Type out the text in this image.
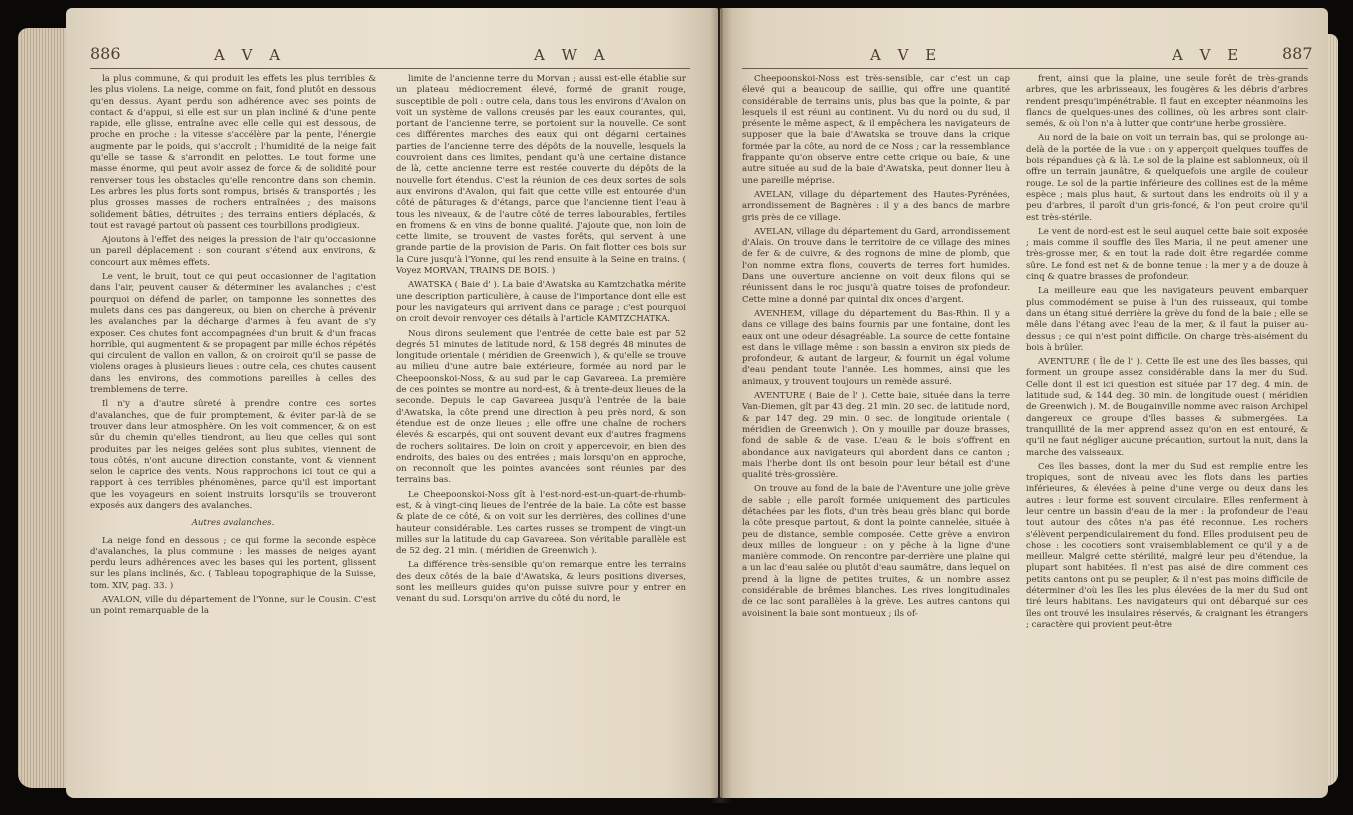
886	A V A	A W A

la plus commune, & qui produit les effets les plus terribles & les plus violens. La neige, comme on fait, fond plutôt en dessous qu'en dessus. Ayant perdu son adhérence avec ses points de contact & d'appui, si elle est sur un plan incliné & d'une pente rapide, elle glisse, entraîne avec elle celle qui est dessous, de proche en proche : la vitesse s'accélère par la pente, l'énergie augmente par le poids, qui s'accroît ; l'humidité de la neige fait qu'elle se tasse & s'arrondit en pelottes. Le tout forme une masse énorme, qui peut avoir assez de force & de solidité pour renverser tous les obstacles qu'elle rencontre dans son chemin. Les arbres les plus forts sont rompus, brisés & transportés ; les plus grosses masses de rochers entraînées ; des maisons solidement bâties, détruites ; des terrains entiers déplacés, & tout est ravagé partout où passent ces tourbillons prodigieux.

Ajoutons à l'effet des neiges la pression de l'air qu'occasionne un pareil déplacement : son courant s'étend aux environs, & concourt aux mêmes effets.

Le vent, le bruit, tout ce qui peut occasionner de l'agitation dans l'air, peuvent causer & déterminer les avalanches ; c'est pourquoi on défend de parler, on tamponne les sonnettes des mulets dans ces pas dangereux, ou bien on cherche à prévenir les avalanches par la décharge d'armes à feu avant de s'y exposer. Ces chutes font accompagnées d'un bruit & d'un fracas horrible, qui augmentent & se propagent par mille échos répétés qui circulent de vallon en vallon, & on croiroit qu'il se passe de violens orages à plusieurs lieues : outre cela, ces chutes causent dans les environs, des commotions pareilles à celles des tremblemens de terre.

Il n'y a d'autre sûreté à prendre contre ces sortes d'avalanches, que de fuir promptement, & éviter par-là de se trouver dans leur atmosphère. On les voit commencer, & on est sûr du chemin qu'elles tiendront, au lieu que celles qui sont produites par les neiges gelées sont plus subites, viennent de tous côtés, n'ont aucune direction constante, vont & viennent selon le caprice des vents. Nous rapprochons ici tout ce qui a rapport à ces terribles phénomènes, parce qu'il est important que les voyageurs en soient instruits lorsqu'ils se trouveront exposés aux dangers des avalanches.

Autres avalanches.

La neige fond en dessous ; ce qui forme la seconde espèce d'avalanches, la plus commune : les masses de neiges ayant perdu leurs adhérences avec les bases qui les portent, glissent sur les plans inclinés, &c. ( Tableau topographique de la Suisse, tom. XIV, pag. 33. )

AVALON, ville du département de l'Yonne, sur le Cousin. C'est un point remarquable de la

limite de l'ancienne terre du Morvan ; aussi est-elle établie sur un plateau médiocrement élevé, formé de granit rouge, susceptible de poli : outre cela, dans tous les environs d'Avalon on voit un système de vallons creusés par les eaux courantes, qui, portant de l'ancienne terre, se portoient sur la nouvelle. Ce sont ces différentes marches des eaux qui ont dégarni certaines parties de l'ancienne terre des dépôts de la nouvelle, lesquels la couvroient dans ces limites, pendant qu'à une certaine distance de là, cette ancienne terre est restée couverte du dépôts de la nouvelle fort étendus. C'est la réunion de ces deux sortes de sols aux environs d'Avalon, qui fait que cette ville est entourée d'un côté de pâturages & d'étangs, parce que l'ancienne tient l'eau à tous les niveaux, & de l'autre côté de terres labourables, fertiles en fromens & en vins de bonne qualité. J'ajoute que, non loin de cette limite, se trouvent de vastes forêts, qui servent à une grande partie de la provision de Paris. On fait flotter ces bois sur la Cure jusqu'à l'Yonne, qui les rend ensuite à la Seine en trains. ( Voyez MORVAN, TRAINS DE BOIS. )

AWATSKA ( Baie d' ). La baie d'Awatska au Kamtzchatka mérite une description particulière, à cause de l'importance dont elle est pour les navigateurs qui arrivent dans ce parage ; c'est pourquoi on croit devoir renvoyer ces détails à l'article KAMTZCHATKA.

Nous dirons seulement que l'entrée de cette baie est par 52 degrés 51 minutes de latitude nord, & 158 degrés 48 minutes de longitude orientale ( méridien de Greenwich ), & qu'elle se trouve au milieu d'une autre baie extérieure, formée au nord par le Cheepoonskoi-Noss, & au sud par le cap Gavareea. La première de ces pointes se montre au nord-est, & à trente-deux lieues de la seconde. Depuis le cap Gavareea jusqu'à l'entrée de la baie d'Awatska, la côte prend une direction à peu près nord, & son étendue est de onze lieues ; elle offre une chaîne de rochers élevés & escarpés, qui ont souvent devant eux d'autres fragmens de rochers solitaires. De loin on croit y appercevoir, en bien des endroits, des baies ou des entrées ; mais lorsqu'on en approche, on reconnoît que les pointes avancées sont réunies par des terrains bas.

Le Cheepoonskoi-Noss gît à l'est-nord-est-un-quart-de-rhumb-est, & à vingt-cinq lieues de l'entrée de la baie. La côte est basse & plate de ce côté, & on voit sur les derrières, des collines d'une hauteur considérable. Les cartes russes se trompent de vingt-un milles sur la latitude du cap Gavareea. Son véritable parallèle est de 52 deg. 21 min. ( méridien de Greenwich ).

La différence très-sensible qu'on remarque entre les terrains des deux côtés de la baie d'Awatska, & leurs positions diverses, sont les meilleurs guides qu'on puisse suivre pour y entrer en venant du sud. Lorsqu'on arrive du côté du nord, le

A V E	A V E 887

Cheepoonskoi-Noss est très-sensible, car c'est un cap élevé qui a beaucoup de saillie, qui offre une quantité considérable de terrains unis, plus bas que la pointe, & par lesquels il est réuni au continent. Vu du nord ou du sud, il présente le même aspect, & il empêchera les navigateurs de supposer que la baie d'Awatska se trouve dans la crique formée par la côte, au nord de ce Noss ; car la ressemblance frappante qu'on observe entre cette crique ou baie, & une autre située au sud de la baie d'Awatska, peut donner lieu à une pareille méprise.

AVELAN, village du département des Hautes-Pyrénées, arrondissement de Bagnères : il y a des bancs de marbre gris près de ce village.

AVELAN, village du département du Gard, arrondissement d'Alais. On trouve dans le territoire de ce village des mines de fer & de cuivre, & des rognons de mine de plomb, que l'on nomme extra flons, couverts de terres fort humides. Dans une ouverture ancienne on voit deux filons qui se réunissent dans le roc jusqu'à quatre toises de profondeur. Cette mine a donné par quintal dix onces d'argent.

AVENHEM, village du département du Bas-Rhin. Il y a dans ce village des bains fournis par une fontaine, dont les eaux ont une odeur désagréable. La source de cette fontaine est dans le village même : son bassin a environ six pieds de profondeur, & autant de largeur, & fournit un égal volume d'eau pendant toute l'année. Les hommes, ainsi que les animaux, y trouvent toujours un remède assuré.

AVENTURE ( Baie de l' ). Cette baie, située dans la terre Van-Diemen, gît par 43 deg. 21 min. 20 sec. de latitude nord, & par 147 deg. 29 min. 0 sec. de longitude orientale ( méridien de Greenwich ). On y mouille par douze brasses, fond de sable & de vase. L'eau & le bois s'offrent en abondance aux navigateurs qui abordent dans ce canton ; mais l'herbe dont ils ont besoin pour leur bétail est d'une qualité très-grossière.

On trouve au fond de la baie de l'Aventure une jolie grève de sable ; elle paroît formée uniquement des particules détachées par les flots, d'un très beau grès blanc qui borde la côte presque partout, & dont la pointe cannelée, située à peu de distance, semble composée. Cette grève a environ deux milles de longueur : on y pêche à la ligne d'une manière commode. On rencontre par-derrière une plaine qui a un lac d'eau salée ou plutôt d'eau saumâtre, dans lequel on prend à la ligne de petites truites, & un nombre assez considérable de brêmes blanches. Les rives longitudinales de ce lac sont parallèles à la grève. Les autres cantons qui avoisinent la baie sont montueux ; ils of-

frent, ainsi que la plaine, une seule forêt de très-grands arbres, que les arbrisseaux, les fougères & les débris d'arbres rendent presqu'impénétrable. Il faut en excepter néanmoins les flancs de quelques-unes des collines, où les arbres sont clair-semés, & où l'on n'a à lutter que contr'une herbe grossière.

Au nord de la baie on voit un terrain bas, qui se prolonge au-delà de la portée de la vue : on y apperçoit quelques touffes de bois répandues çà & là. Le sol de la plaine est sablonneux, où il offre un terrain jaunâtre, & quelquefois une argile de couleur rouge. Le sol de la partie inférieure des collines est de la même espèce ; mais plus haut, & surtout dans les endroits où il y a peu d'arbres, il paroît d'un gris-foncé, & l'on peut croire qu'il est très-stérile.

Le vent de nord-est est le seul auquel cette baie soit exposée ; mais comme il souffle des îles Maria, il ne peut amener une très-grosse mer, & en tout la rade doit être regardée comme sûre. Le fond est net & de bonne tenue : la mer y a de douze à cinq & quatre brasses de profondeur.

La meilleure eau que les navigateurs peuvent embarquer plus commodément se puise à l'un des ruisseaux, qui tombe dans un étang situé derrière la grève du fond de la baie ; elle se mêle dans l'étang avec l'eau de la mer, & il faut la puiser au-dessus ; ce qui n'est point difficile. On charge très-aisément du bois à brûler.

AVENTURE ( Île de l' ). Cette île est une des îles basses, qui forment un groupe assez considérable dans la mer du Sud. Celle dont il est ici question est située par 17 deg. 4 min. de latitude sud, & 144 deg. 30 min. de longitude ouest ( méridien de Greenwich ). M. de Bougainville nomme avec raison Archipel dangereux ce groupe d'îles basses & submergées. La tranquillité de la mer apprend assez qu'on en est entouré, & qu'il ne faut négliger aucune précaution, surtout la nuit, dans la marche des vaisseaux.

Ces îles basses, dont la mer du Sud est remplie entre les tropiques, sont de niveau avec les flots dans les parties inférieures, & élevées à peine d'une verge ou deux dans les autres : leur forme est souvent circulaire. Elles renferment à leur centre un bassin d'eau de la mer : la profondeur de l'eau tout autour des côtes n'a pas été reconnue. Les rochers s'élèvent perpendiculairement du fond. Elles produisent peu de chose : les cocotiers sont vraisemblablement ce qu'il y a de meilleur. Malgré cette stérilité, malgré leur peu d'étendue, la plupart sont habitées. Il n'est pas aisé de dire comment ces petits cantons ont pu se peupler, & il n'est pas moins difficile de déterminer d'où les îles les plus élevées de la mer du Sud ont tiré leurs habitans. Les navigateurs qui ont débarqué sur ces îles ont trouvé les insulaires réservés, & craignant les étrangers ; caractère qui provient peut-être
